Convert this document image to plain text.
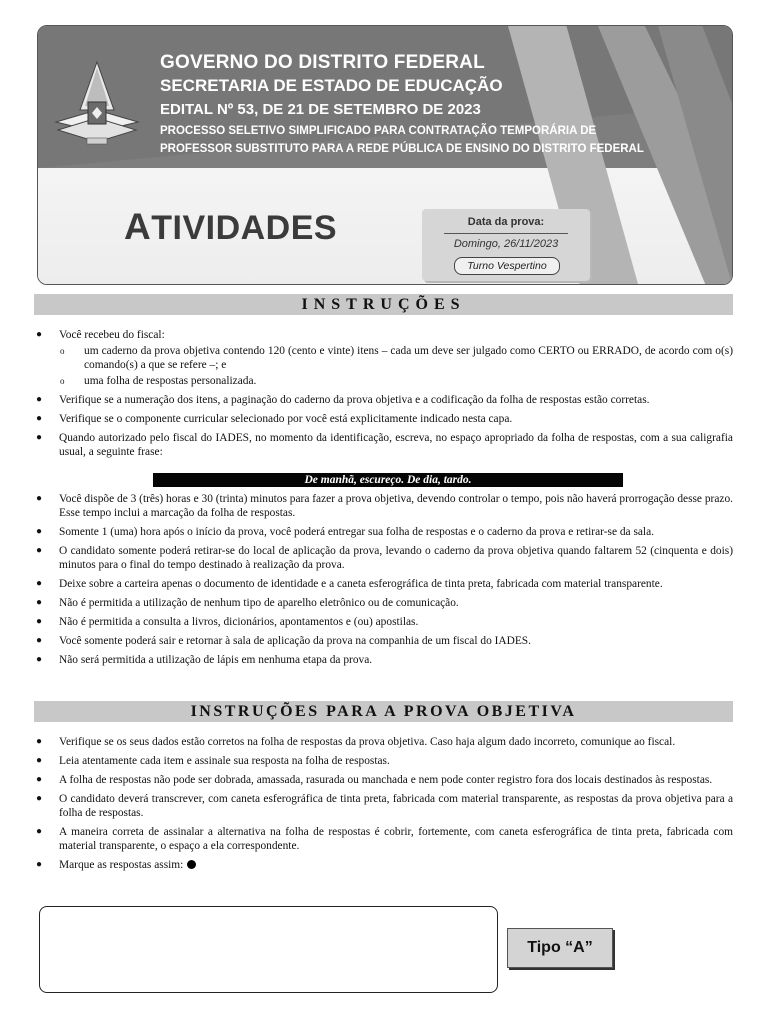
GOVERNO DO DISTRITO FEDERAL

SECRETARIA DE ESTADO DE EDUCAÇÃO

EDITAL Nº 53, DE 21 DE SETEMBRO DE 2023

PROCESSO SELETIVO SIMPLIFICADO PARA CONTRATAÇÃO TEMPORÁRIA DE

PROFESSOR SUBSTITUTO PARA A REDE PÚBLICA DE ENSINO DO DISTRITO FEDERAL

ATIVIDADES	Data da prova:
Domingo, 26/11/2023
Turno Vespertino

INSTRUÇÕES

● Você recebeu do fiscal:
o um caderno da prova objetiva contendo 120 (cento e vinte) itens – cada um deve ser julgado como CERTO ou ERRADO, de acordo com o(s) comando(s) a que se refere –; e
o uma folha de respostas personalizada.
● Verifique se a numeração dos itens, a paginação do caderno da prova objetiva e a codificação da folha de respostas estão corretas.
● Verifique se o componente curricular selecionado por você está explicitamente indicado nesta capa.
● Quando autorizado pelo fiscal do IADES, no momento da identificação, escreva, no espaço apropriado da folha de respostas, com a sua caligrafia usual, a seguinte frase:

De manhã, escureço. De dia, tardo.

● Você dispõe de 3 (três) horas e 30 (trinta) minutos para fazer a prova objetiva, devendo controlar o tempo, pois não haverá prorrogação desse prazo. Esse tempo inclui a marcação da folha de respostas.
● Somente 1 (uma) hora após o início da prova, você poderá entregar sua folha de respostas e o caderno da prova e retirar-se da sala.
● O candidato somente poderá retirar-se do local de aplicação da prova, levando o caderno da prova objetiva quando faltarem 52 (cinquenta e dois) minutos para o final do tempo destinado à realização da prova.
● Deixe sobre a carteira apenas o documento de identidade e a caneta esferográfica de tinta preta, fabricada com material transparente.
● Não é permitida a utilização de nenhum tipo de aparelho eletrônico ou de comunicação.
● Não é permitida a consulta a livros, dicionários, apontamentos e (ou) apostilas.
● Você somente poderá sair e retornar à sala de aplicação da prova na companhia de um fiscal do IADES.
● Não será permitida a utilização de lápis em nenhuma etapa da prova.

INSTRUÇÕES PARA A PROVA OBJETIVA

● Verifique se os seus dados estão corretos na folha de respostas da prova objetiva. Caso haja algum dado incorreto, comunique ao fiscal.
● Leia atentamente cada item e assinale sua resposta na folha de respostas.
● A folha de respostas não pode ser dobrada, amassada, rasurada ou manchada e nem pode conter registro fora dos locais destinados às respostas.
● O candidato deverá transcrever, com caneta esferográfica de tinta preta, fabricada com material transparente, as respostas da prova objetiva para a folha de respostas.
● A maneira correta de assinalar a alternativa na folha de respostas é cobrir, fortemente, com caneta esferográfica de tinta preta, fabricada com material transparente, o espaço a ela correspondente.
● Marque as respostas assim:
Tipo “A”
